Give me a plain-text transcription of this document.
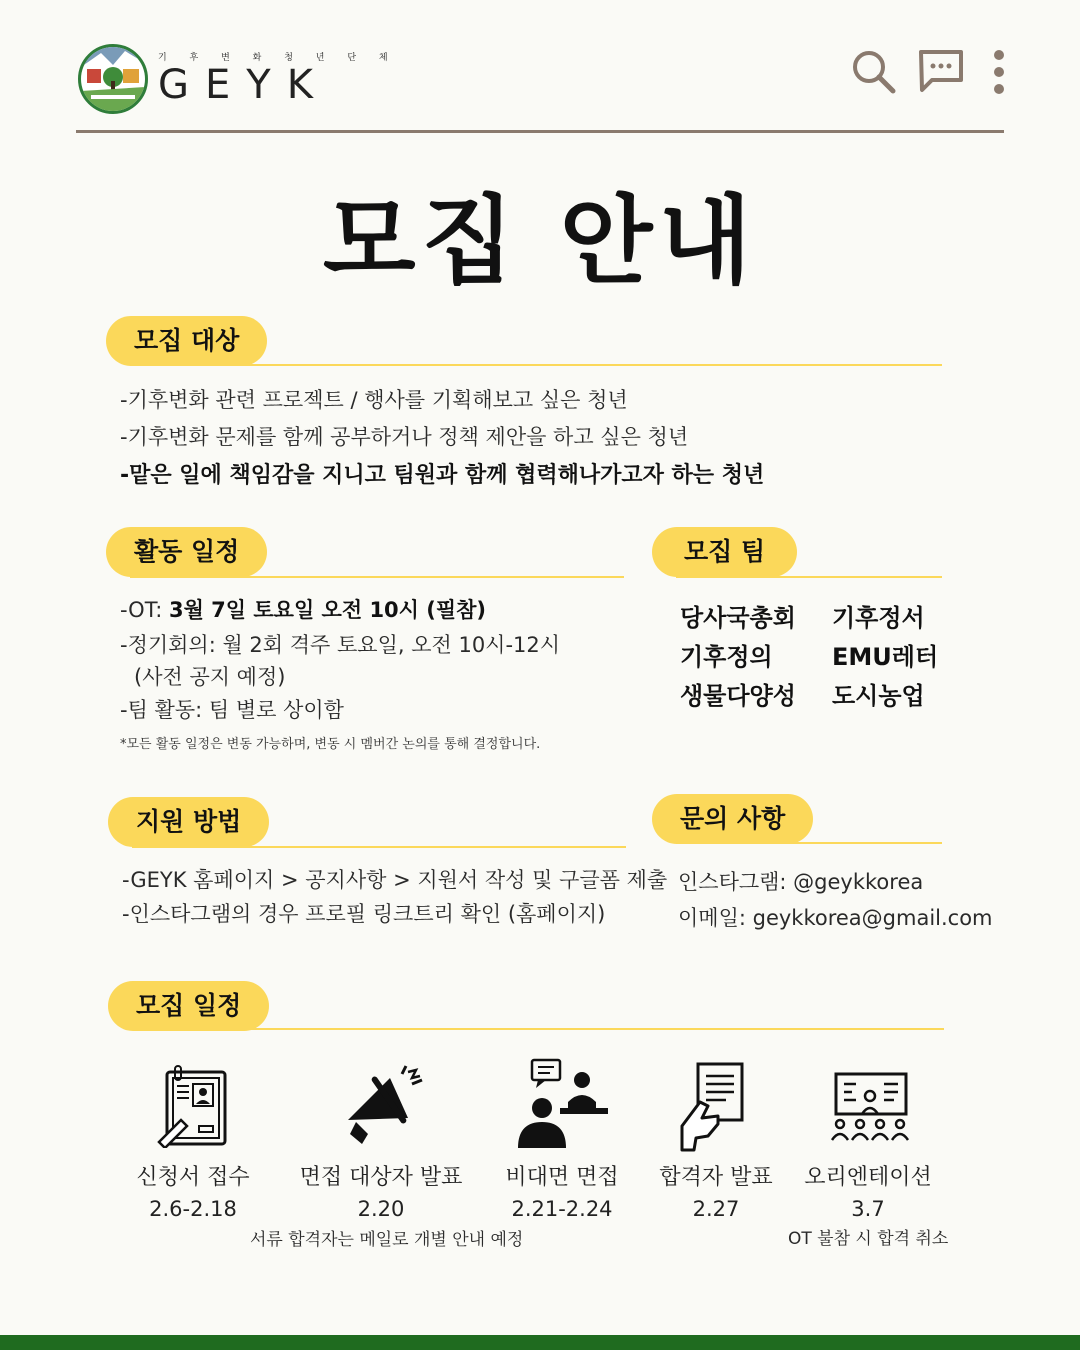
기 후 변 화 청 년 단 체
GEYK
모집 안내
모집 대상
-기후변화 관련 프로젝트 / 행사를 기획해보고 싶은 청년
-기후변화 문제를 함께 공부하거나 정책 제안을 하고 싶은 청년
-맡은 일에 책임감을 지니고 팀원과 함께 협력해나가고자 하는 청년
활동 일정
-OT: 3월 7일 토요일 오전 10시 (필참)
-정기회의: 월 2회 격주 토요일, 오전 10시-12시
(사전 공지 예정)
-팀 활동: 팀 별로 상이함
*모든 활동 일정은 변동 가능하며, 변동 시 멤버간 논의를 통해 결정합니다.
모집 팀
당사국총회 기후정서
기후정의 EMU레터
생물다양성 도시농업
지원 방법
-GEYK 홈페이지 > 공지사항 > 지원서 작성 및 구글폼 제출
-인스타그램의 경우 프로필 링크트리 확인 (홈페이지)
문의 사항
인스타그램: @geykkorea
이메일: geykkorea@gmail.com
모집 일정
신청서 접수
2.6-2.18
면접 대상자 발표
2.20
비대면 면접
2.21-2.24
합격자 발표
2.27
오리엔테이션
3.7
서류 합격자는 메일로 개별 안내 예정	OT 불참 시 합격 취소
